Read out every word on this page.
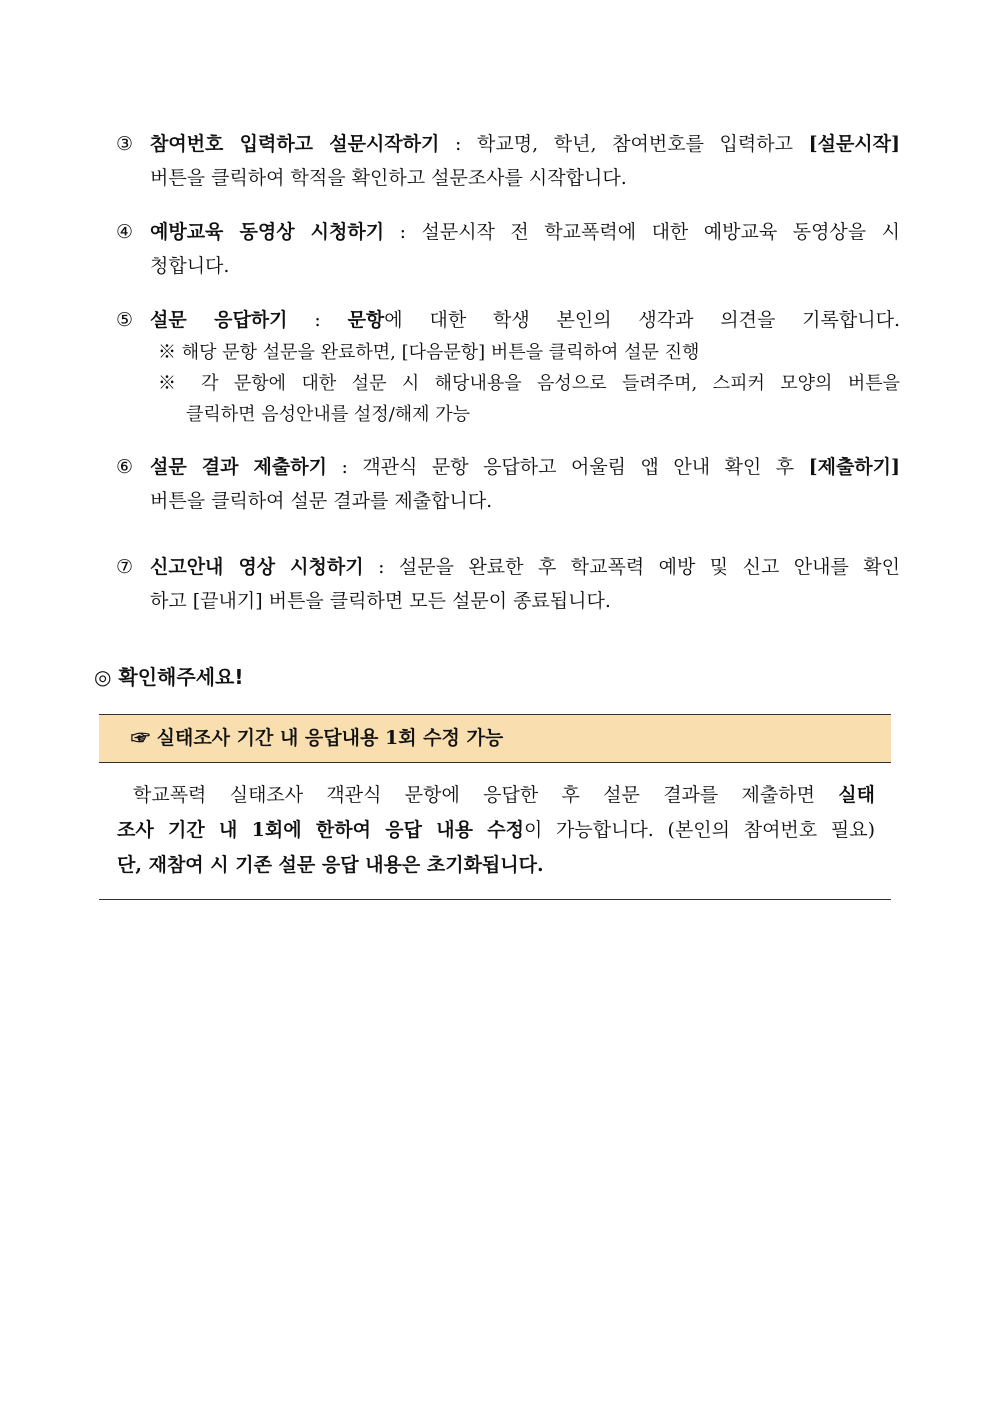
③ 참여번호 입력하고 설문시작하기 : 학교명, 학년, 참여번호를 입력하고 [설문시작]
버튼을 클릭하여 학적을 확인하고 설문조사를 시작합니다.
④ 예방교육 동영상 시청하기 : 설문시작 전 학교폭력에 대한 예방교육 동영상을 시
청합니다.
⑤ 설문 응답하기 : 문항에 대한 학생 본인의 생각과 의견을 기록합니다.
※ 해당 문항 설문을 완료하면, [다음문항] 버튼을 클릭하여 설문 진행
※ 각 문항에 대한 설문 시 해당내용을 음성으로 들려주며, 스피커 모양의 버튼을
클릭하면 음성안내를 설정/해제 가능
⑥ 설문 결과 제출하기 : 객관식 문항 응답하고 어울림 앱 안내 확인 후 [제출하기]
버튼을 클릭하여 설문 결과를 제출합니다.
⑦ 신고안내 영상 시청하기 : 설문을 완료한 후 학교폭력 예방 및 신고 안내를 확인
하고 [끝내기] 버튼을 클릭하면 모든 설문이 종료됩니다.
◎ 확인해주세요!
☞ 실태조사 기간 내 응답내용 1회 수정 가능
학교폭력 실태조사 객관식 문항에 응답한 후 설문 결과를 제출하면 실태
조사 기간 내 1회에 한하여 응답 내용 수정이 가능합니다. (본인의 참여번호 필요)
단, 재참여 시 기존 설문 응답 내용은 초기화됩니다.
